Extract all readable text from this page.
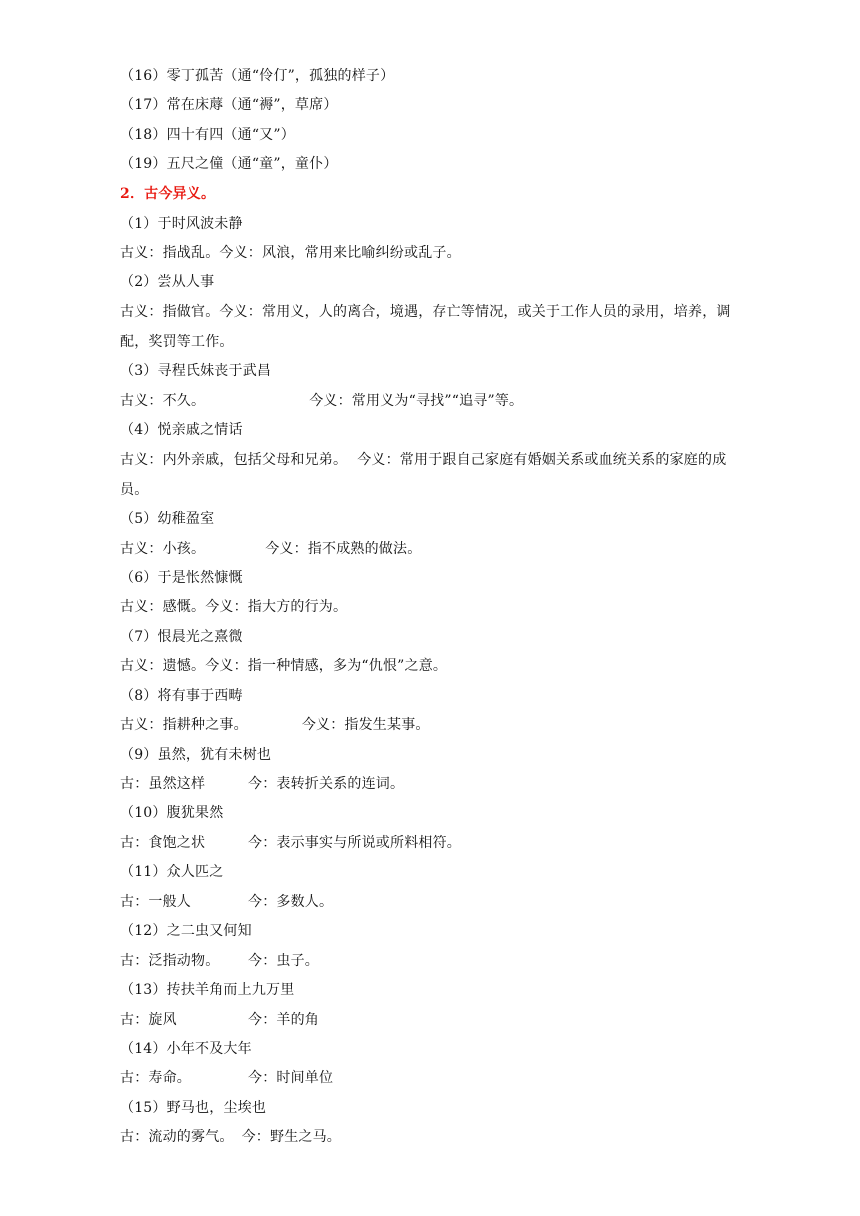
（16）零丁孤苦（通“伶仃”，孤独的样子）
（17）常在床蓐（通“褥”，草席）
（18）四十有四（通“又”）
（19）五尺之僮（通“童”，童仆）
2．古今异义。
（1）于时风波未静
古义：指战乱。今义：风浪，常用来比喻纠纷或乱子。
（2）尝从人事
古义：指做官。今义：常用义，人的离合，境遇，存亡等情况，或关于工作人员的录用，培养，调配，奖罚等工作。
（3）寻程氏妹丧于武昌
古义：不久。	今义：常用义为“寻找”“追寻”等。
（4）悦亲戚之情话
古义：内外亲戚，包括父母和兄弟。 今义：常用于跟自己家庭有婚姻关系或血统关系的家庭的成员。
（5）幼稚盈室
古义：小孩。	今义：指不成熟的做法。
（6）于是怅然慷慨
古义：感慨。今义：指大方的行为。
（7）恨晨光之熹微
古义：遗憾。今义：指一种情感，多为“仇恨”之意。
（8）将有事于西畴
古义：指耕种之事。	今义：指发生某事。
（9）虽然，犹有未树也
古：虽然这样	今：表转折关系的连词。
（10）腹犹果然
古：食饱之状	今：表示事实与所说或所料相符。
（11）众人匹之
古：一般人	今：多数人。
（12）之二虫又何知
古：泛指动物。 今：虫子。
（13）抟扶羊角而上九万里
古：旋风	今：羊的角
（14）小年不及大年
古：寿命。	今：时间单位
（15）野马也，尘埃也
古：流动的雾气。 今：野生之马。
